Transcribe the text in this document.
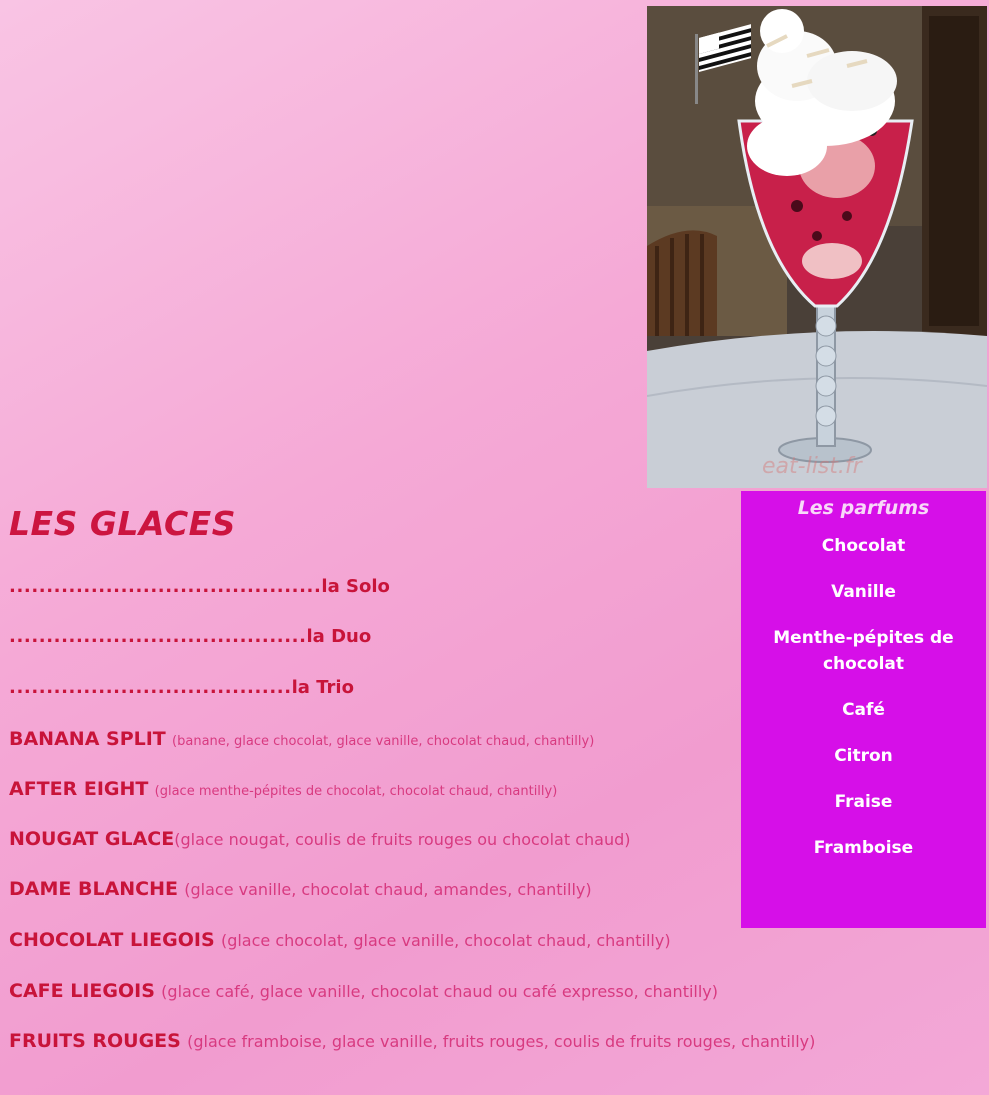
eat-list.fr
Les parfums
Chocolat
Vanille
Menthe-pépites de chocolat
Café
Citron
Fraise
Framboise
LES GLACES
..........................................la Solo
........................................la Duo
......................................la Trio
BANANA SPLIT (banane, glace chocolat, glace vanille, chocolat chaud, chantilly)
AFTER EIGHT (glace menthe-pépites de chocolat, chocolat chaud, chantilly)
NOUGAT GLACE(glace nougat, coulis de fruits rouges ou chocolat chaud)
DAME BLANCHE (glace vanille, chocolat chaud, amandes, chantilly)
CHOCOLAT LIEGOIS (glace chocolat, glace vanille, chocolat chaud, chantilly)
CAFE LIEGOIS (glace café, glace vanille, chocolat chaud ou café expresso, chantilly)
FRUITS ROUGES (glace framboise, glace vanille, fruits rouges, coulis de fruits rouges, chantilly)
